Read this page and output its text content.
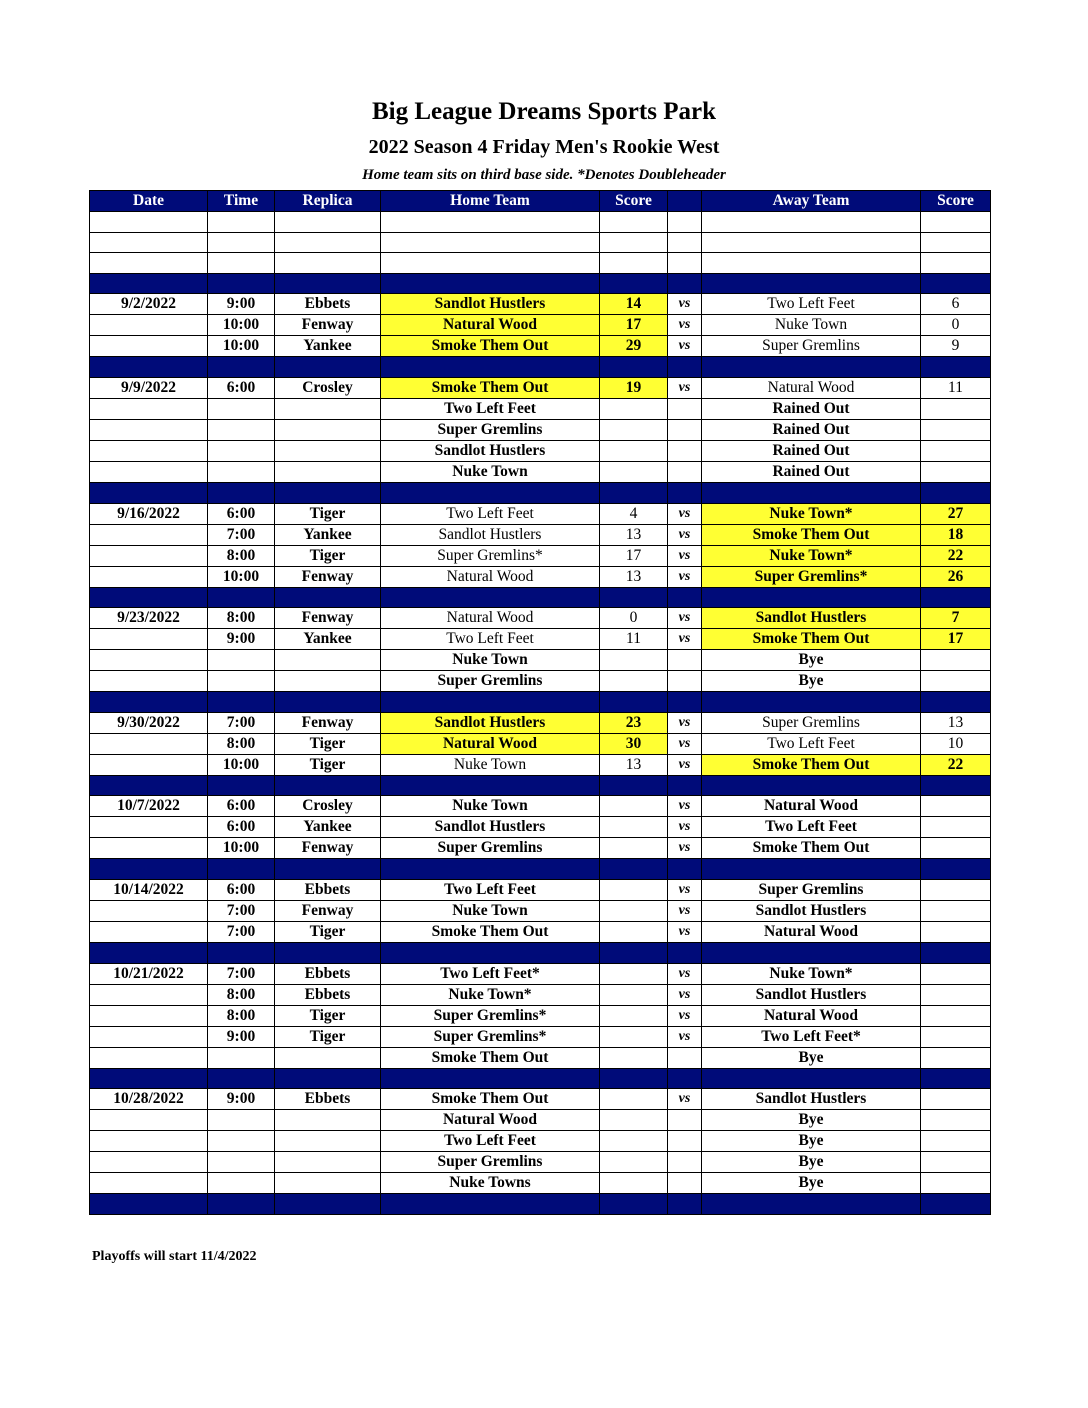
Big League Dreams Sports Park
2022 Season 4 Friday Men's Rookie West
Home team sits on third base side. *Denotes Doubleheader
Date	Time	Replica	Home Team	Score		Away Team	Score

9/2/2022	9:00	Ebbets	Sandlot Hustlers	14	vs	Two Left Feet	6
	10:00	Fenway	Natural Wood	17	vs	Nuke Town	0
	10:00	Yankee	Smoke Them Out	29	vs	Super Gremlins	9

9/9/2022	6:00	Crosley	Smoke Them Out	19	vs	Natural Wood	11
			Two Left Feet			Rained Out	
			Super Gremlins			Rained Out	
			Sandlot Hustlers			Rained Out	
			Nuke Town			Rained Out	

9/16/2022	6:00	Tiger	Two Left Feet	4	vs	Nuke Town*	27
	7:00	Yankee	Sandlot Hustlers	13	vs	Smoke Them Out	18
	8:00	Tiger	Super Gremlins*	17	vs	Nuke Town*	22
	10:00	Fenway	Natural Wood	13	vs	Super Gremlins*	26

9/23/2022	8:00	Fenway	Natural Wood	0	vs	Sandlot Hustlers	7
	9:00	Yankee	Two Left Feet	11	vs	Smoke Them Out	17
			Nuke Town			Bye	
			Super Gremlins			Bye	

9/30/2022	7:00	Fenway	Sandlot Hustlers	23	vs	Super Gremlins	13
	8:00	Tiger	Natural Wood	30	vs	Two Left Feet	10
	10:00	Tiger	Nuke Town	13	vs	Smoke Them Out	22

10/7/2022	6:00	Crosley	Nuke Town		vs	Natural Wood	
	6:00	Yankee	Sandlot Hustlers		vs	Two Left Feet	
	10:00	Fenway	Super Gremlins		vs	Smoke Them Out	

10/14/2022	6:00	Ebbets	Two Left Feet		vs	Super Gremlins	
	7:00	Fenway	Nuke Town		vs	Sandlot Hustlers	
	7:00	Tiger	Smoke Them Out		vs	Natural Wood	

10/21/2022	7:00	Ebbets	Two Left Feet*		vs	Nuke Town*	
	8:00	Ebbets	Nuke Town*		vs	Sandlot Hustlers	
	8:00	Tiger	Super Gremlins*		vs	Natural Wood	
	9:00	Tiger	Super Gremlins*		vs	Two Left Feet*	
			Smoke Them Out			Bye	

10/28/2022	9:00	Ebbets	Smoke Them Out		vs	Sandlot Hustlers	
			Natural Wood			Bye	
			Two Left Feet			Bye	
			Super Gremlins			Bye	
			Nuke Towns			Bye	

Playoffs will start 11/4/2022
